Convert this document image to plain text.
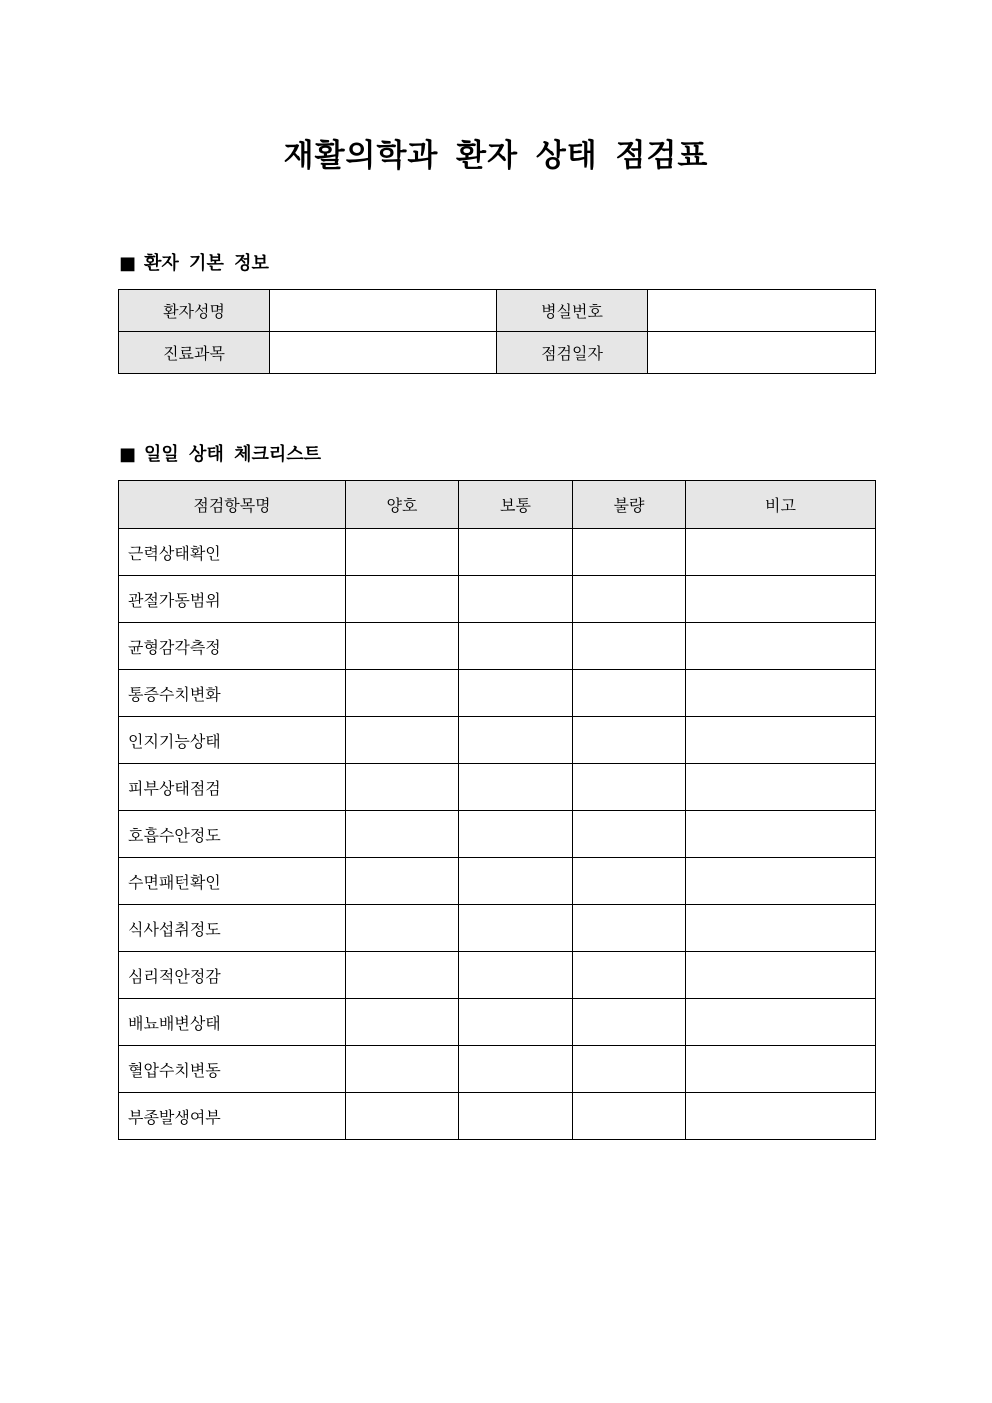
재활의학과 환자 상태 점검표
■ 환자 기본 정보
환자성명		병실번호	
진료과목		점검일자	
■ 일일 상태 체크리스트
점검항목명	양호	보통	불량	비고
근력상태확인				
관절가동범위				
균형감각측정				
통증수치변화				
인지기능상태				
피부상태점검				
호흡수안정도				
수면패턴확인				
식사섭취정도				
심리적안정감				
배뇨배변상태				
혈압수치변동				
부종발생여부				
